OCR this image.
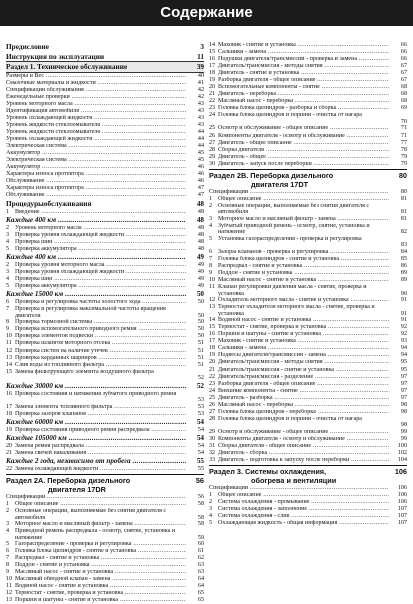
Содержание
Предисловие	3
Инструкция по эксплуатации	11
Раздел 1. Техническое обслуживание	39
Размеры и Вес .....	40
Смазочные материалы и жидкости .....	41
Спецификации обслуживания .....	42
Еженедельные проверки .....	42
Уровень моторного масла .....	43
Идентификация автомобиля .....	43
Уровень охлаждающей жидкости .....	43
Уровень жидкости стеклоомывателя .....	43
Уровень жидкости стеклоомывателя .....	44
Уровень охлаждающей жидкости .....	44
Электрическая система .....	44
Аккумулятор .....	45
Электрическая система .....	45
Аккумулятор .....	46
Характеры износа протектора .....	46
Обслуживание .....	46
Характеры износа протектора .....	47
Обслуживание .....	47
Процедурыобслуживания	48
1 Введение .....	48
Каждые 400 км .....	48
2 Уровень моторного масла .....	48
3 Проверка уровня охлаждающей жидкости .....	48
4 Проверка шин .....	48
5 Проверка аккумулятора .....	48
Каждые 400 км .....	49
2 Проверка уровня моторного масла .....	49
3 Проверка уровня охлаждающей жидкости .....	49
4 Проверка шин .....	49
5 Проверка аккумулятора .....	49
Каждые 15000 км .....	50
6 Проверка и регулировка частоты холостого хода .....	50
7 Проверка и регулировка максимальной частоты вращения двигателя	50
8 Проверка тормозной системы .....	50
9 Проверка вспомогательного приводного ремня .....	50
10 Проверка элементов подвески .....	50
11 Проверка шлангов моторного отсека .....	51
12 Проверка систем на наличие утечек .....	51
13 Проверка карданных шарниров .....	51
14 Слив воды из топливного фильтра .....	51
15 Замена фильтрующего элемента воздушного фильтра
52
Каждые 30000 км .....	52
16 Проверка состояния и натяжения зубчатого приводного ремня
53
17 Замена элемента топливного фильтра .....	53
18 Проверка зазоров клапанов .....	53
Каждые 60000 км .....	54
19 Проверка состояния приводного ремня распредвала .....	54
Каждые 105000 км .....	54
20 Замена ремня распредвала .....	54
21 Замена свечей накаливания .....	54
Каждые 2 года, независимо от пробега .....	55
22 Замена охлаждающей жидкости .....	55
Раздел 2А. Переборка дизельного
двигателя 17DR
56
Спецификации .....	56
1 Общее описание .....	58
2 Основные операции, выполняемые без снятия двигателя с автомобиля	58
3 Моторное масло и масляный фильтр - замена .....	58
4 Приводной ремень распредвала - осмотр, снятие, установка и натяжение	59
5 Газораспределение - проверка и регулировка .....	60
6 Головка блока цилиндров - снятие и установка .....	61
7 Распредвал - снятие и установка .....	62
8 Поддон - снятие и установка .....	63
9 Масляный насос - снятие и установка .....	63
10 Масляный обводной клапан - замена .....	64
11 Водяной насос - снятие и установка .....	64
12 Термостат - снятие, проверка и установка .....	65
13 Поршни и шатуны - снятие и установка .....	65
14 Маховик - снятие и установка .....	66
15 Сальники - замена .....	66
16 Подушки двигателя/трансмиссии - проверка и замена .....	66
17 Двигатель/трансмиссия - методы снятия .....	67
18 Двигатель - снятие и установка .....	67
19 Разборка двигателя - общее описание .....	67
20 Вспомогательные компоненты - снятие .....	68
21 Двигатель - переборка .....	68
22 Масляный насос - переборка .....	68
23 Головка блока цилиндров - разборка и сборка .....	69
24 Головка блока цилиндров и поршни - очистка от нагара
70
25 Осмотр и обслуживание - общее описание .....	71
26 Компоненты двигателя - осмотр и обслуживание .....	71
27 Двигатель - общее описание .....	77
28 Сборка двигателя .....	78
29 Двигатель - общее .....	79
30 Двигатель - запуск после переборки .....	79
Раздел 2В. Переборка дизельного
двигателя 17DT
80
Спецификации .....	80
1 Общее описание .....	81
2 Основные операции, выполняемые без снятия двигателя с автомобиля	81
3 Моторное масло и масляный фильтр - замена .....	81
4 Зубчатый приводной ремень - осмотр, снятие, установка и натяжение	82
5 Установка газораспределения - проверка и регулировка
83
6 Зазоры клапанов - проверка и регулировка .....	84
7 Головка блока цилиндров - снятие и установка .....	85
8 Распредвал - снятие и установка .....	86
9 Поддон - снятие и установка .....	89
10 Масляный насос - снятие и установка .....	89
11 Клапан регулировки давления масла - снятие, проверка и установка	90
12 Охладитель моторного масла - снятие и установка .....	91
13 Термостат охладителя моторного масла - снятие, проверка и установка	91
14 Водяной насос - снятие и установка .....	91
15 Термостат - снятие, проверка и установка .....	92
16 Поршни и шатуны - снятие и установка .....	92
17 Маховик - снятие и установка .....	93
18 Сальники - замена .....	94
19 Подвесы двигателя/трансмиссии - замена .....	94
20 Двигатель/трансмиссия - методы снятия .....	95
21 Двигатель/трансмиссия - снятие и установка .....	95
22 Двигатель/трансмиссия - разделение .....	97
23 Разборка двигателя - общее описание .....	97
24 Внешние компоненты - снятие .....	97
25 Двигатель - разборка .....	97
26 Масляный насос - переборка .....	98
27 Головка блока цилиндров - переборка .....	98
28 Головка блока цилиндров и поршни - очистка от нагара
98
29 Осмотр и обслуживание - общее описание .....	99
30 Компоненты двигателя - осмотр и обслуживание .....	99
31 Сборка двигателя - общее описание .....	100
32 Двигатель - сборка .....	102
33 Двигатель - подготовка к запуску после переборки .....	104
Раздел 3. Системы охлаждения,
обогрева и вентиляции
106
Спецификации .....	106
1 Общее описание .....	106
2 Система охлаждения - промывание .....	106
3 Система охлаждения - заполнение .....	107
4 Система охлаждения - слив .....	107
5 Охлаждающая жидкость - общая информация .....	107
